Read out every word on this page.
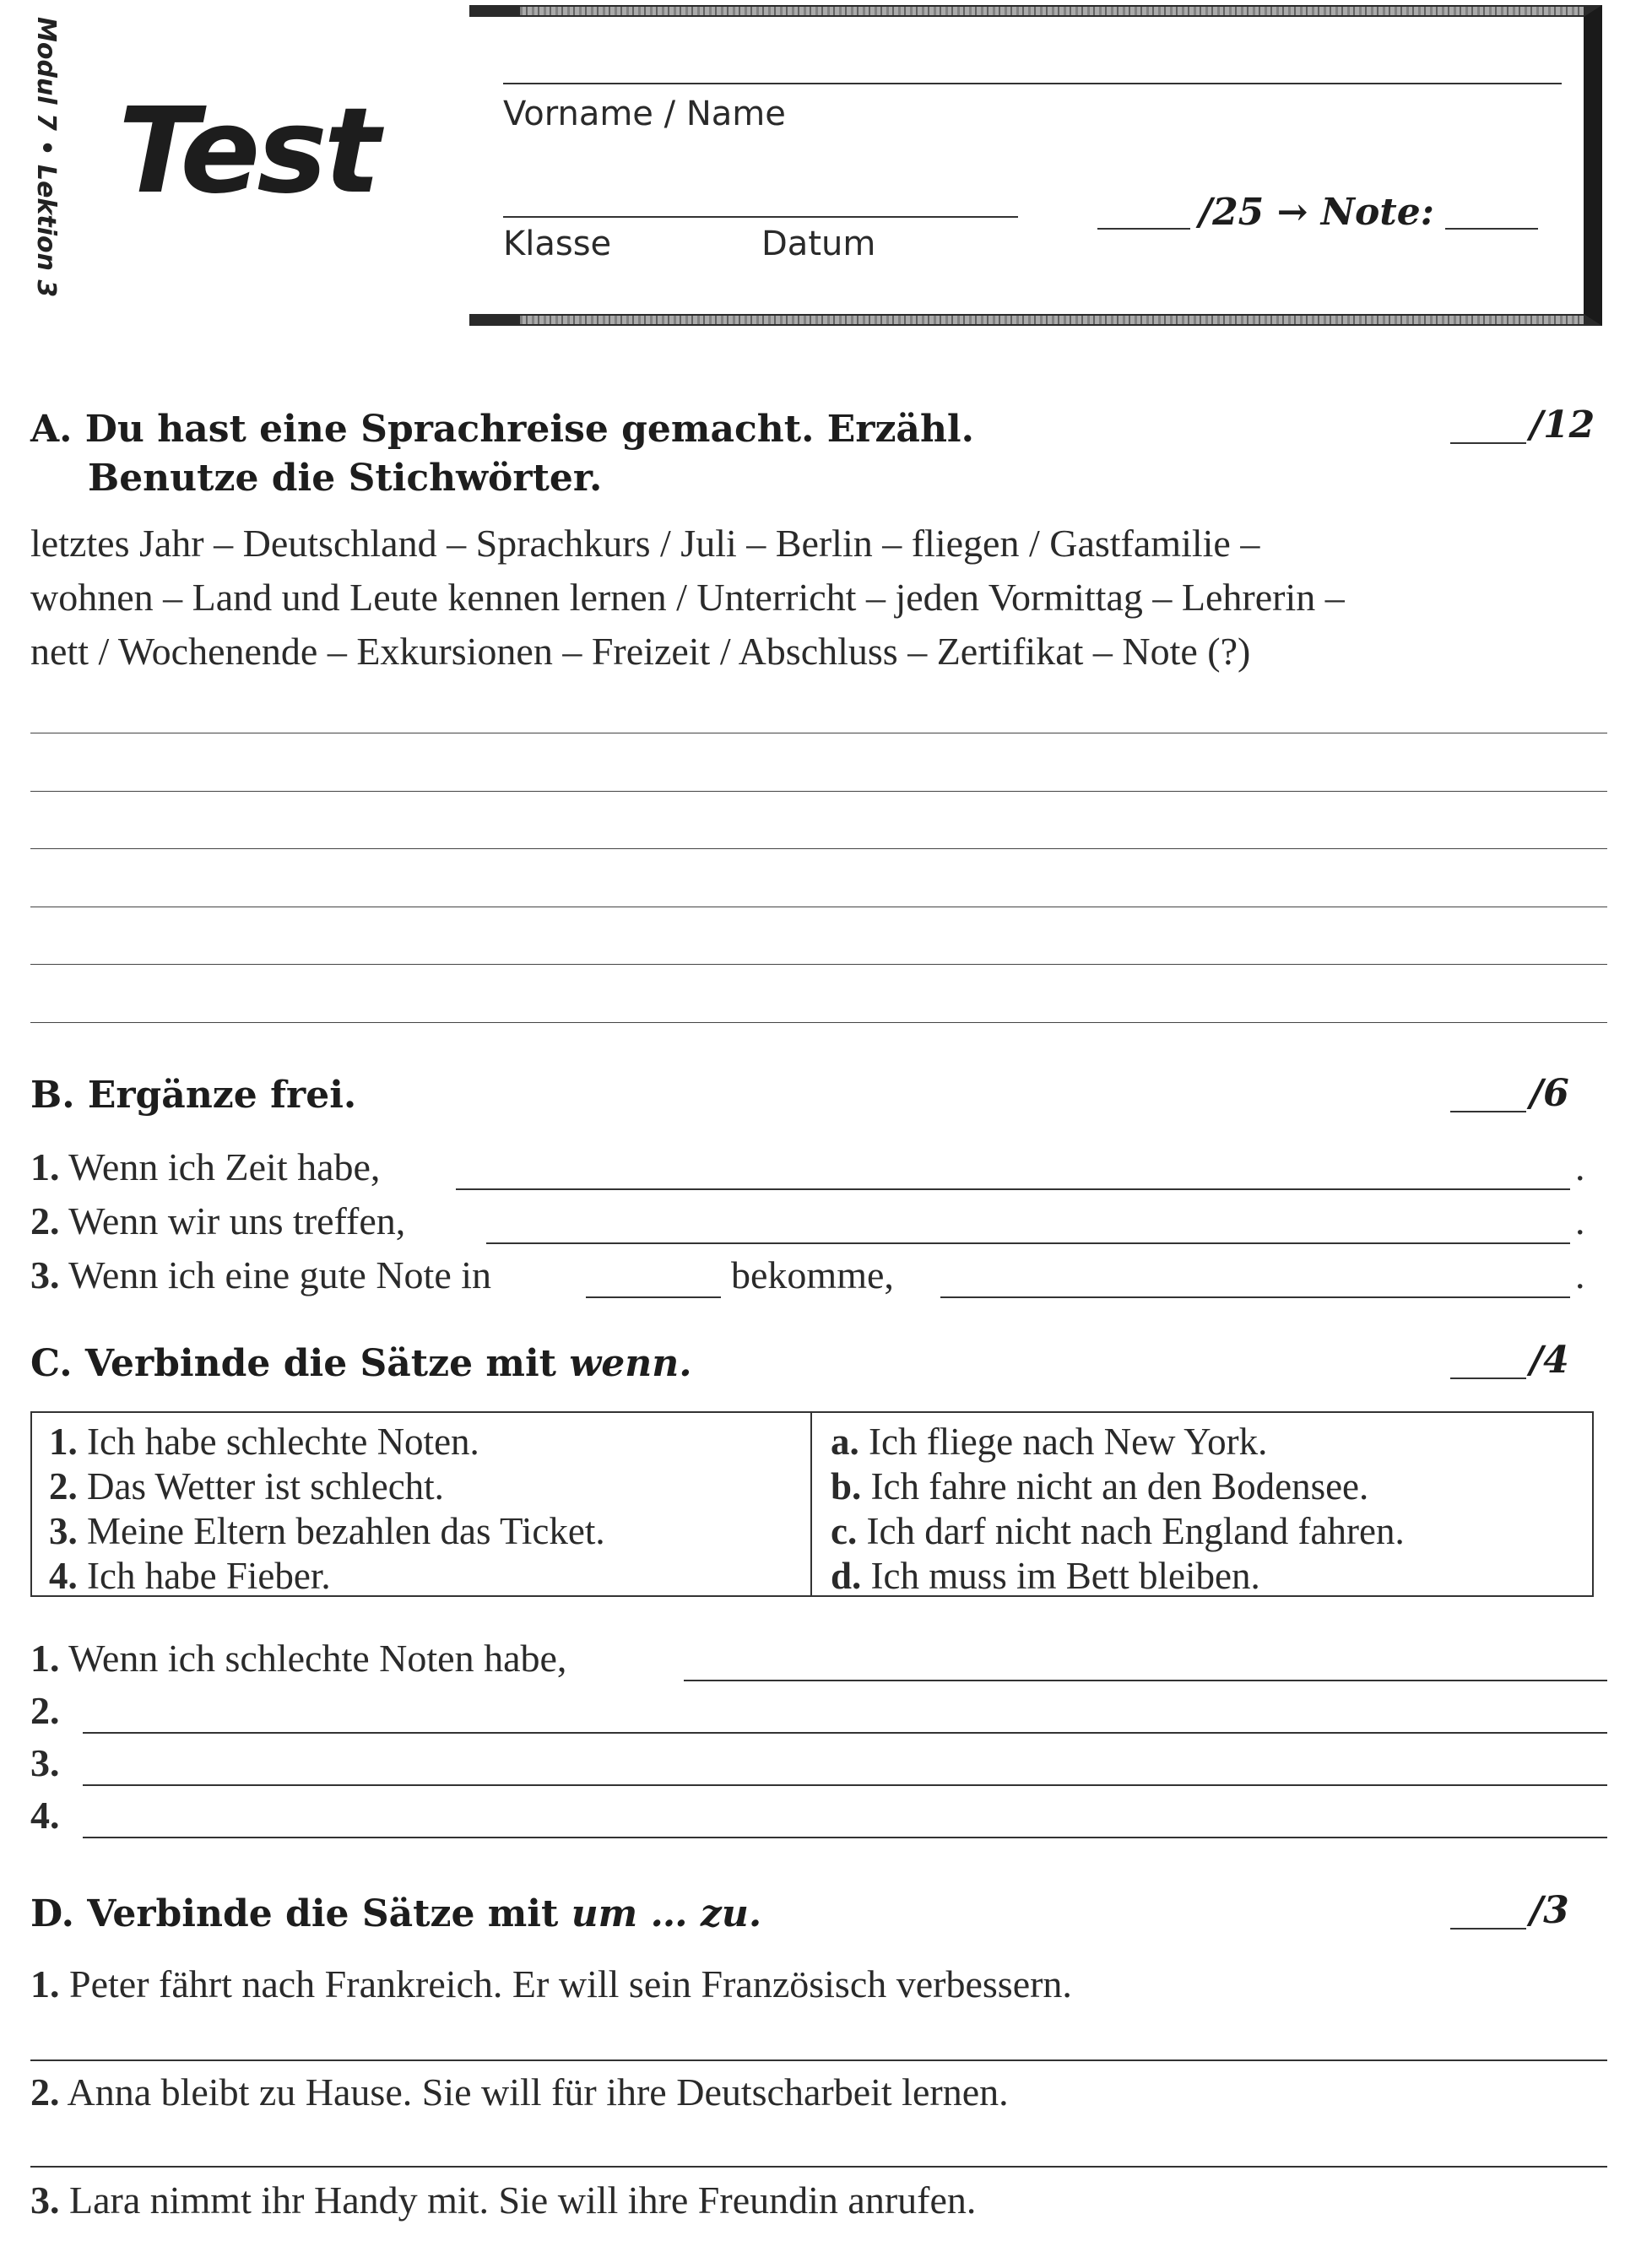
Modul 7 • Lektion 3 Test	Vorname / Name
Klasse	Datum
/25 → Note:
A. Du hast eine Sprachreise gemacht. Erzähl.
Benutze die Stichwörter.
/12
letztes Jahr – Deutschland – Sprachkurs / Juli – Berlin – fliegen / Gastfamilie –
wohnen – Land und Leute kennen lernen / Unterricht – jeden Vormittag – Lehrerin –
nett / Wochenende – Exkursionen – Freizeit / Abschluss – Zertifikat – Note (?)
B. Ergänze frei.	/6
1. Wenn ich Zeit habe,	.
2. Wenn wir uns treffen,	.
3. Wenn ich eine gute Note in	bekomme,	.
C. Verbinde die Sätze mit wenn.	/4
1. Ich habe schlechte Noten.
2. Das Wetter ist schlecht.
3. Meine Eltern bezahlen das Ticket.
4. Ich habe Fieber.
a. Ich fliege nach New York.
b. Ich fahre nicht an den Bodensee.
c. Ich darf nicht nach England fahren.
d. Ich muss im Bett bleiben.
1. Wenn ich schlechte Noten habe,
2.
3.
4.
D. Verbinde die Sätze mit um … zu.	/3
1. Peter fährt nach Frankreich. Er will sein Französisch verbessern.
2. Anna bleibt zu Hause. Sie will für ihre Deutscharbeit lernen.
3. Lara nimmt ihr Handy mit. Sie will ihre Freundin anrufen.
